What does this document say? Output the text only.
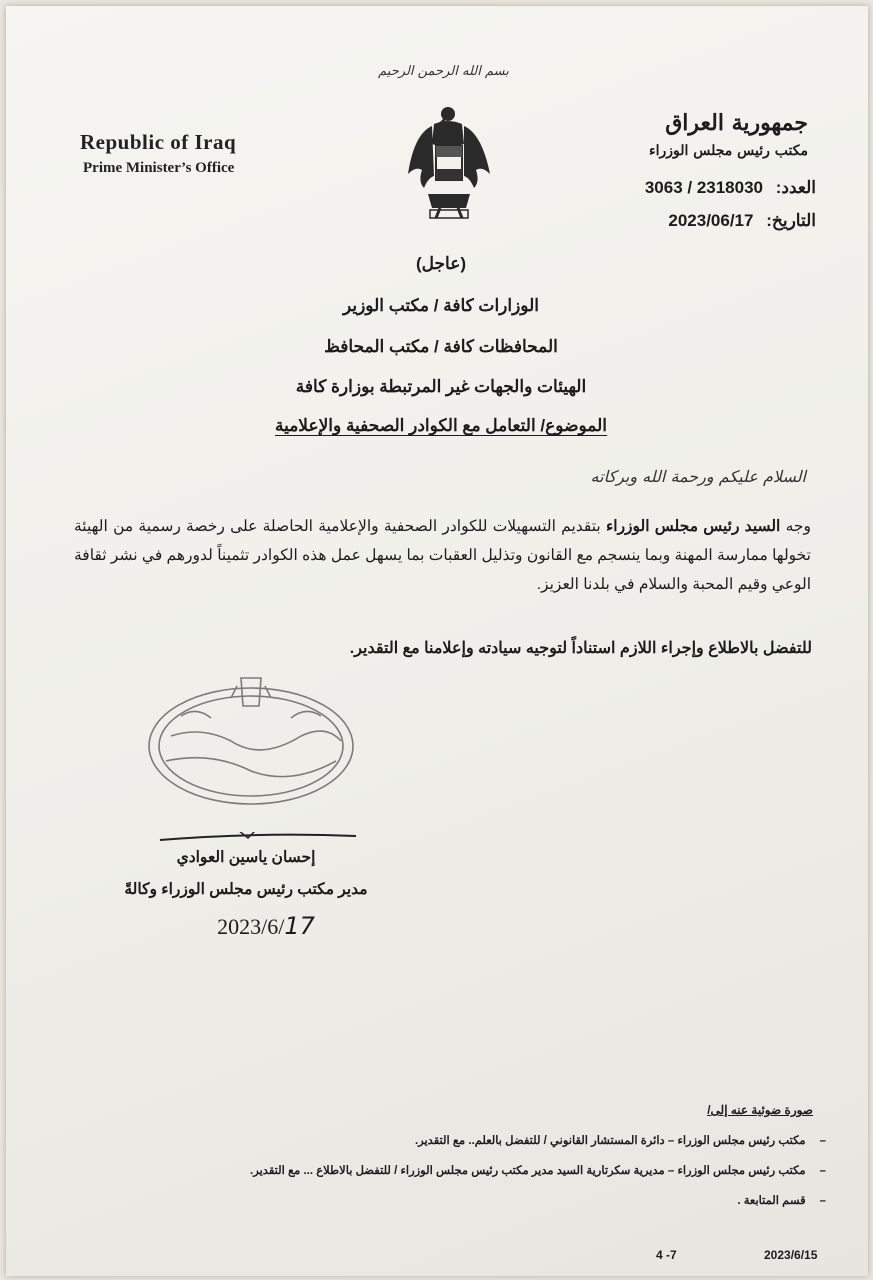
بسم الله الرحمن الرحيم
Republic of Iraq
Prime Minister’s Office
جمهورية العراق
مكتب رئيس مجلس الوزراء
العدد: 3063 / 2318030
التاريخ: 2023/06/17
(عاجل)
الوزارات كافة / مكتب الوزير
المحافظات كافة / مكتب المحافظ
الهيئات والجهات غير المرتبطة بوزارة كافة
الموضوع/ التعامل مع الكوادر الصحفية والإعلامية
السلام عليكم ورحمة الله وبركاته
وجه السيد رئيس مجلس الوزراء بتقديم التسهيلات للكوادر الصحفية والإعلامية الحاصلة على رخصة رسمية من الهيئة تخولها ممارسة المهنة وبما ينسجم مع القانون وتذليل العقبات بما يسهل عمل هذه الكوادر تثميناً لدورهم في نشر ثقافة الوعي وقيم المحبة والسلام في بلدنا العزيز.
للتفضل بالاطلاع وإجراء اللازم استناداً لتوجيه سيادته وإعلامنا مع التقدير.
إحسان ياسين العوادي
مدير مكتب رئيس مجلس الوزراء وكالةً
2023/6/17
صورة ضوئية عنه إلى/
–مكتب رئيس مجلس الوزراء – دائرة المستشار القانوني / للتفضل بالعلم.. مع التقدير.
–مكتب رئيس مجلس الوزراء – مديرية سكرتارية السيد مدير مكتب رئيس مجلس الوزراء / للتفضل بالاطلاع ... مع التقدير.
–قسم المتابعة .
2023/6/15
4 -7
